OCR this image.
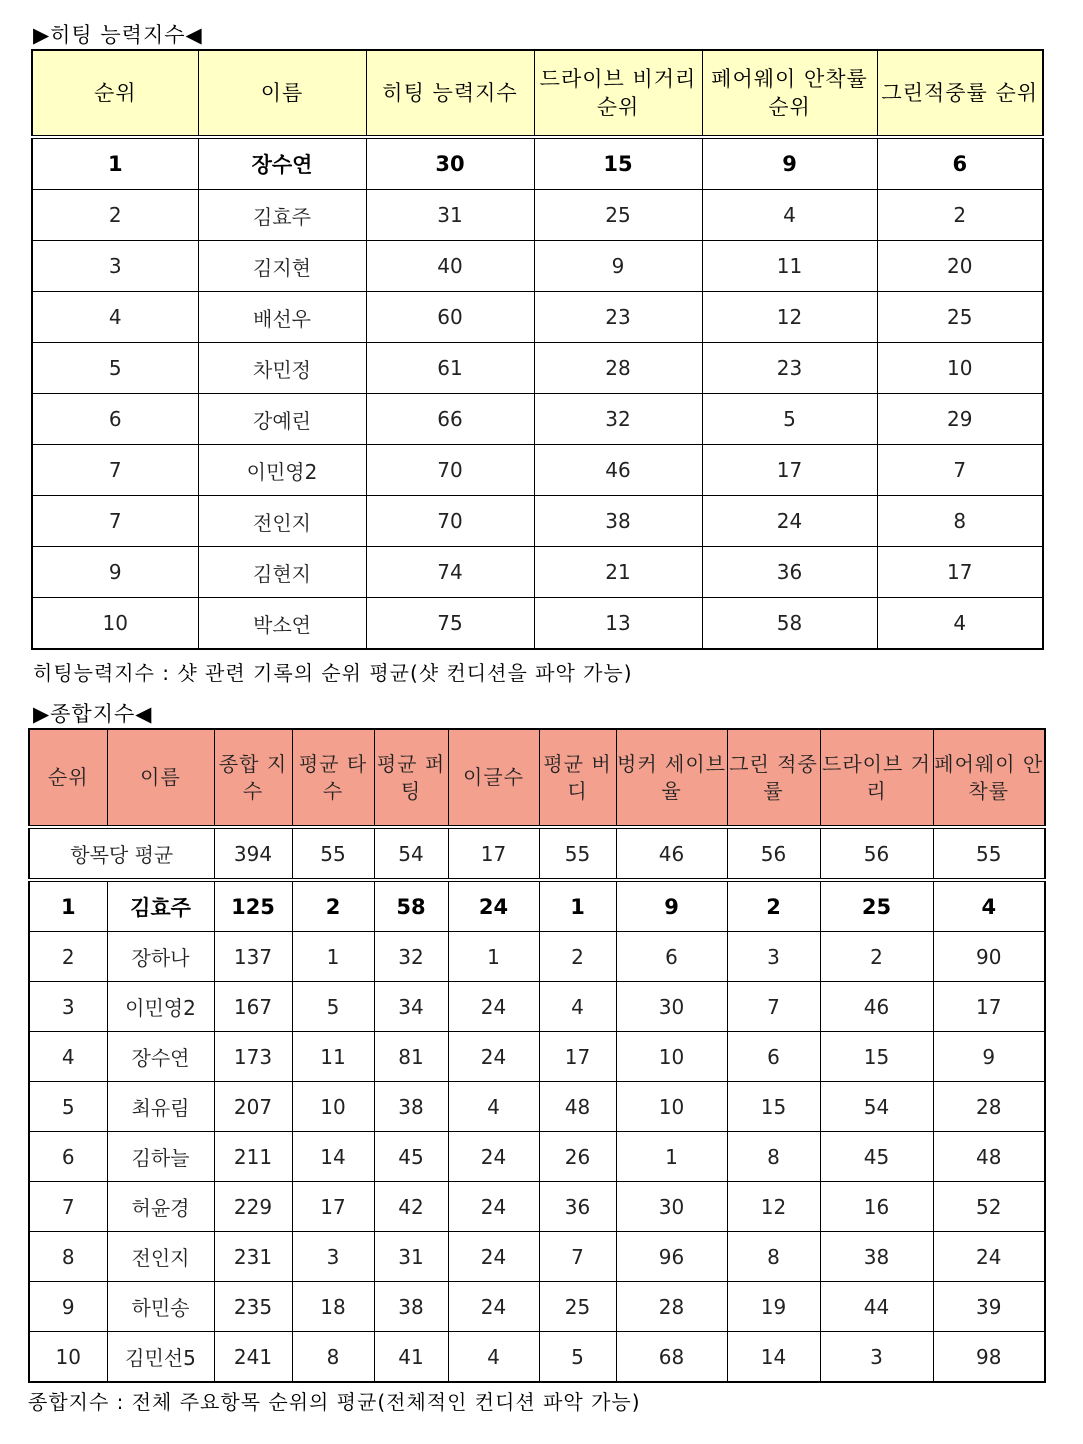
▶히팅 능력지수◀
순위	이름	히팅 능력지수	드라이브 비거리순위	페어웨이 안착률 순위	그린적중률 순위
1	장수연	30	15	9	6
2	김효주	31	25	4	2
3	김지현	40	9	11	20
4	배선우	60	23	12	25
5	차민정	61	28	23	10
6	강예린	66	32	5	29
7	이민영2	70	46	17	7
7	전인지	70	38	24	8
9	김현지	74	21	36	17
10	박소연	75	13	58	4
히팅능력지수 : 샷 관련 기록의 순위 평균(샷 컨디션을 파악 가능)
▶종합지수◀
순위	이름	종합 지수	평균 타수	평균 퍼팅	이글수	평균 버디	벙커 세이브율	그린 적중률	드라이브 거리	페어웨이 안착률
항목당 평균		394	55	54	17	55	46	56	56	55
1	김효주	125	2	58	24	1	9	2	25	4
2	장하나	137	1	32	1	2	6	3	2	90
3	이민영2	167	5	34	24	4	30	7	46	17
4	장수연	173	11	81	24	17	10	6	15	9
5	최유림	207	10	38	4	48	10	15	54	28
6	김하늘	211	14	45	24	26	1	8	45	48
7	허윤경	229	17	42	24	36	30	12	16	52
8	전인지	231	3	31	24	7	96	8	38	24
9	하민송	235	18	38	24	25	28	19	44	39
10	김민선5	241	8	41	4	5	68	14	3	98
종합지수 : 전체 주요항목 순위의 평균(전체적인 컨디션 파악 가능)
